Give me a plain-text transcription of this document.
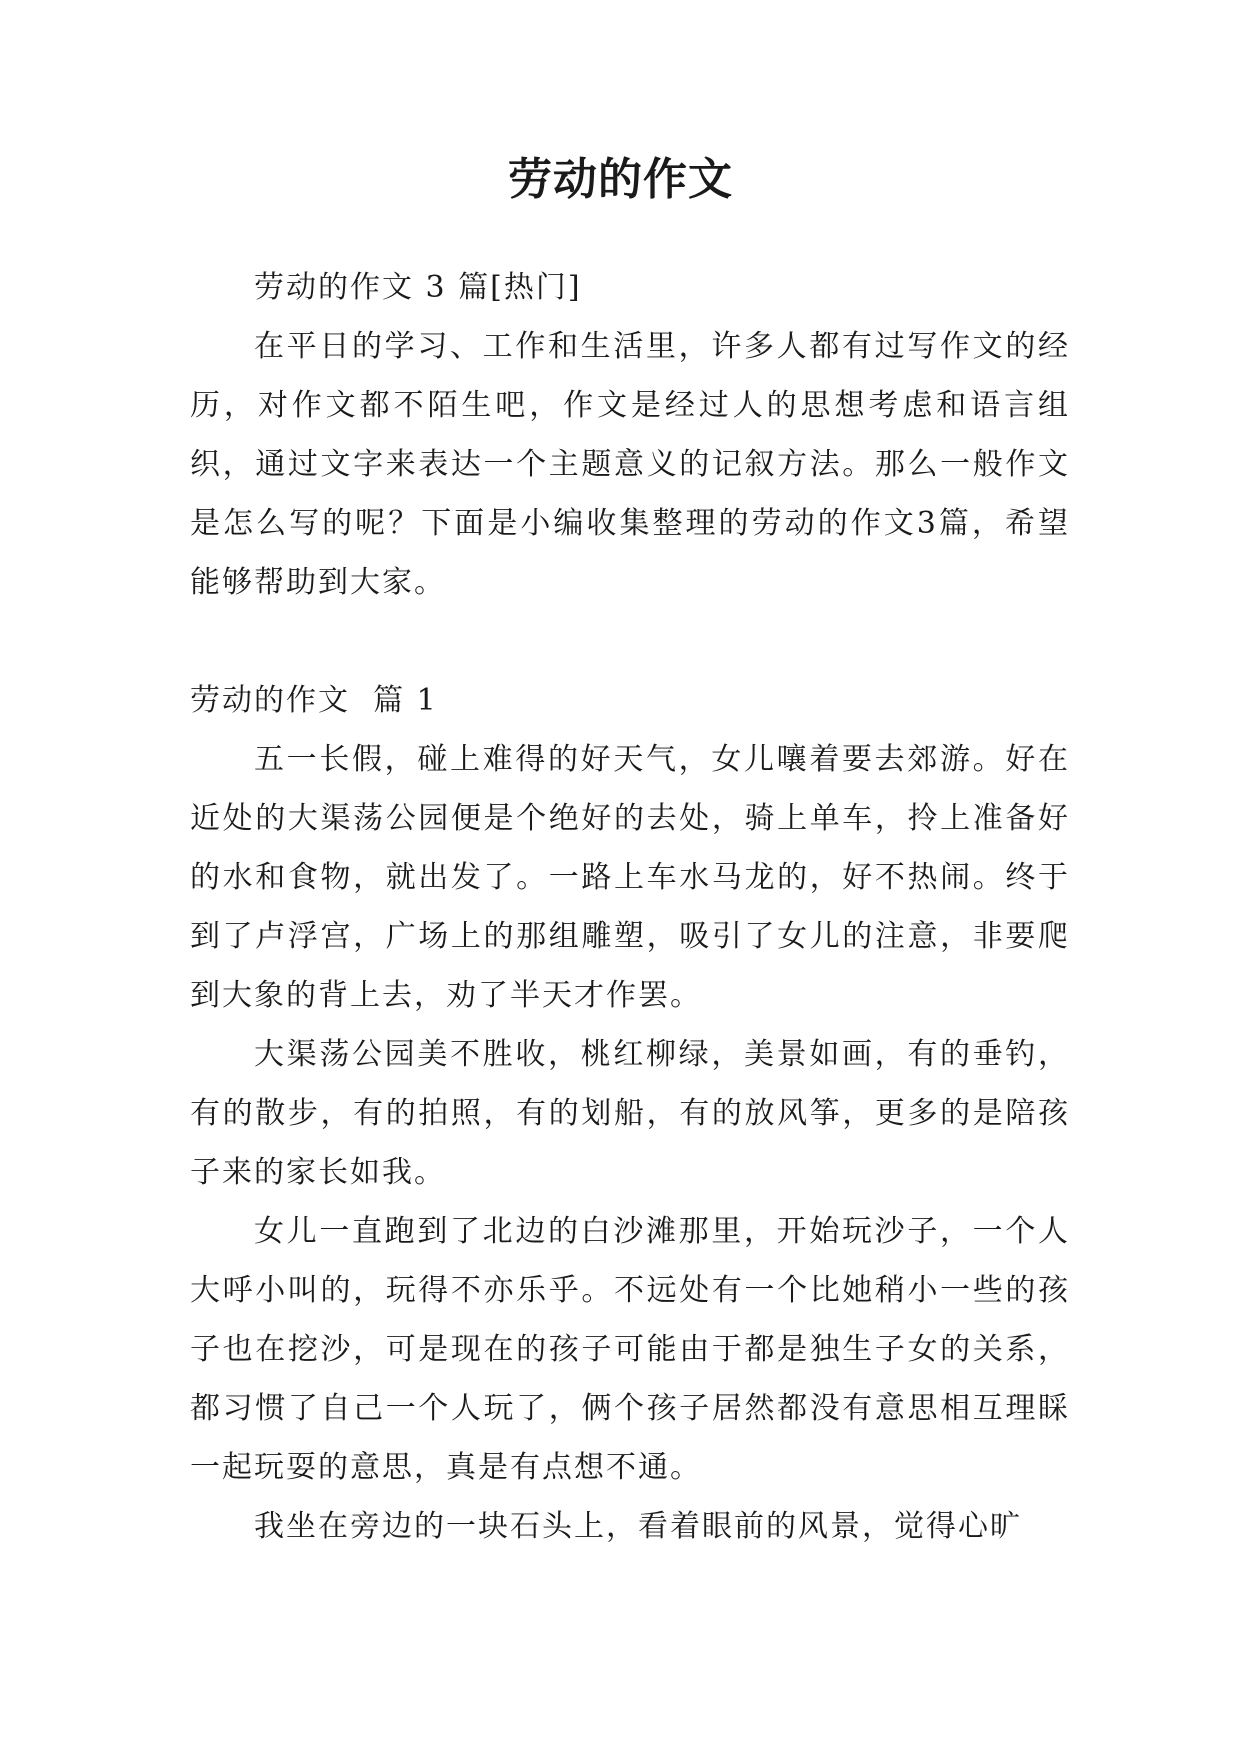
劳动的作文

劳动的作文 3 篇[热门]

在平日的学习、工作和生活里，许多人都有过写作文的经历，对作文都不陌生吧，作文是经过人的思想考虑和语言组织，通过文字来表达一个主题意义的记叙方法。那么一般作文是怎么写的呢？下面是小编收集整理的劳动的作文3篇，希望能够帮助到大家。

劳动的作文  篇 1

五一长假，碰上难得的好天气，女儿嚷着要去郊游。好在近处的大渠荡公园便是个绝好的去处，骑上单车，拎上准备好的水和食物，就出发了。一路上车水马龙的，好不热闹。终于到了卢浮宫，广场上的那组雕塑，吸引了女儿的注意，非要爬到大象的背上去，劝了半天才作罢。

大渠荡公园美不胜收，桃红柳绿，美景如画，有的垂钓，有的散步，有的拍照，有的划船，有的放风筝，更多的是陪孩子来的家长如我。

女儿一直跑到了北边的白沙滩那里，开始玩沙子，一个人大呼小叫的，玩得不亦乐乎。不远处有一个比她稍小一些的孩子也在挖沙，可是现在的孩子可能由于都是独生子女的关系，都习惯了自己一个人玩了，俩个孩子居然都没有意思相互理睬一起玩耍的意思，真是有点想不通。

我坐在旁边的一块石头上，看着眼前的风景，觉得心旷
